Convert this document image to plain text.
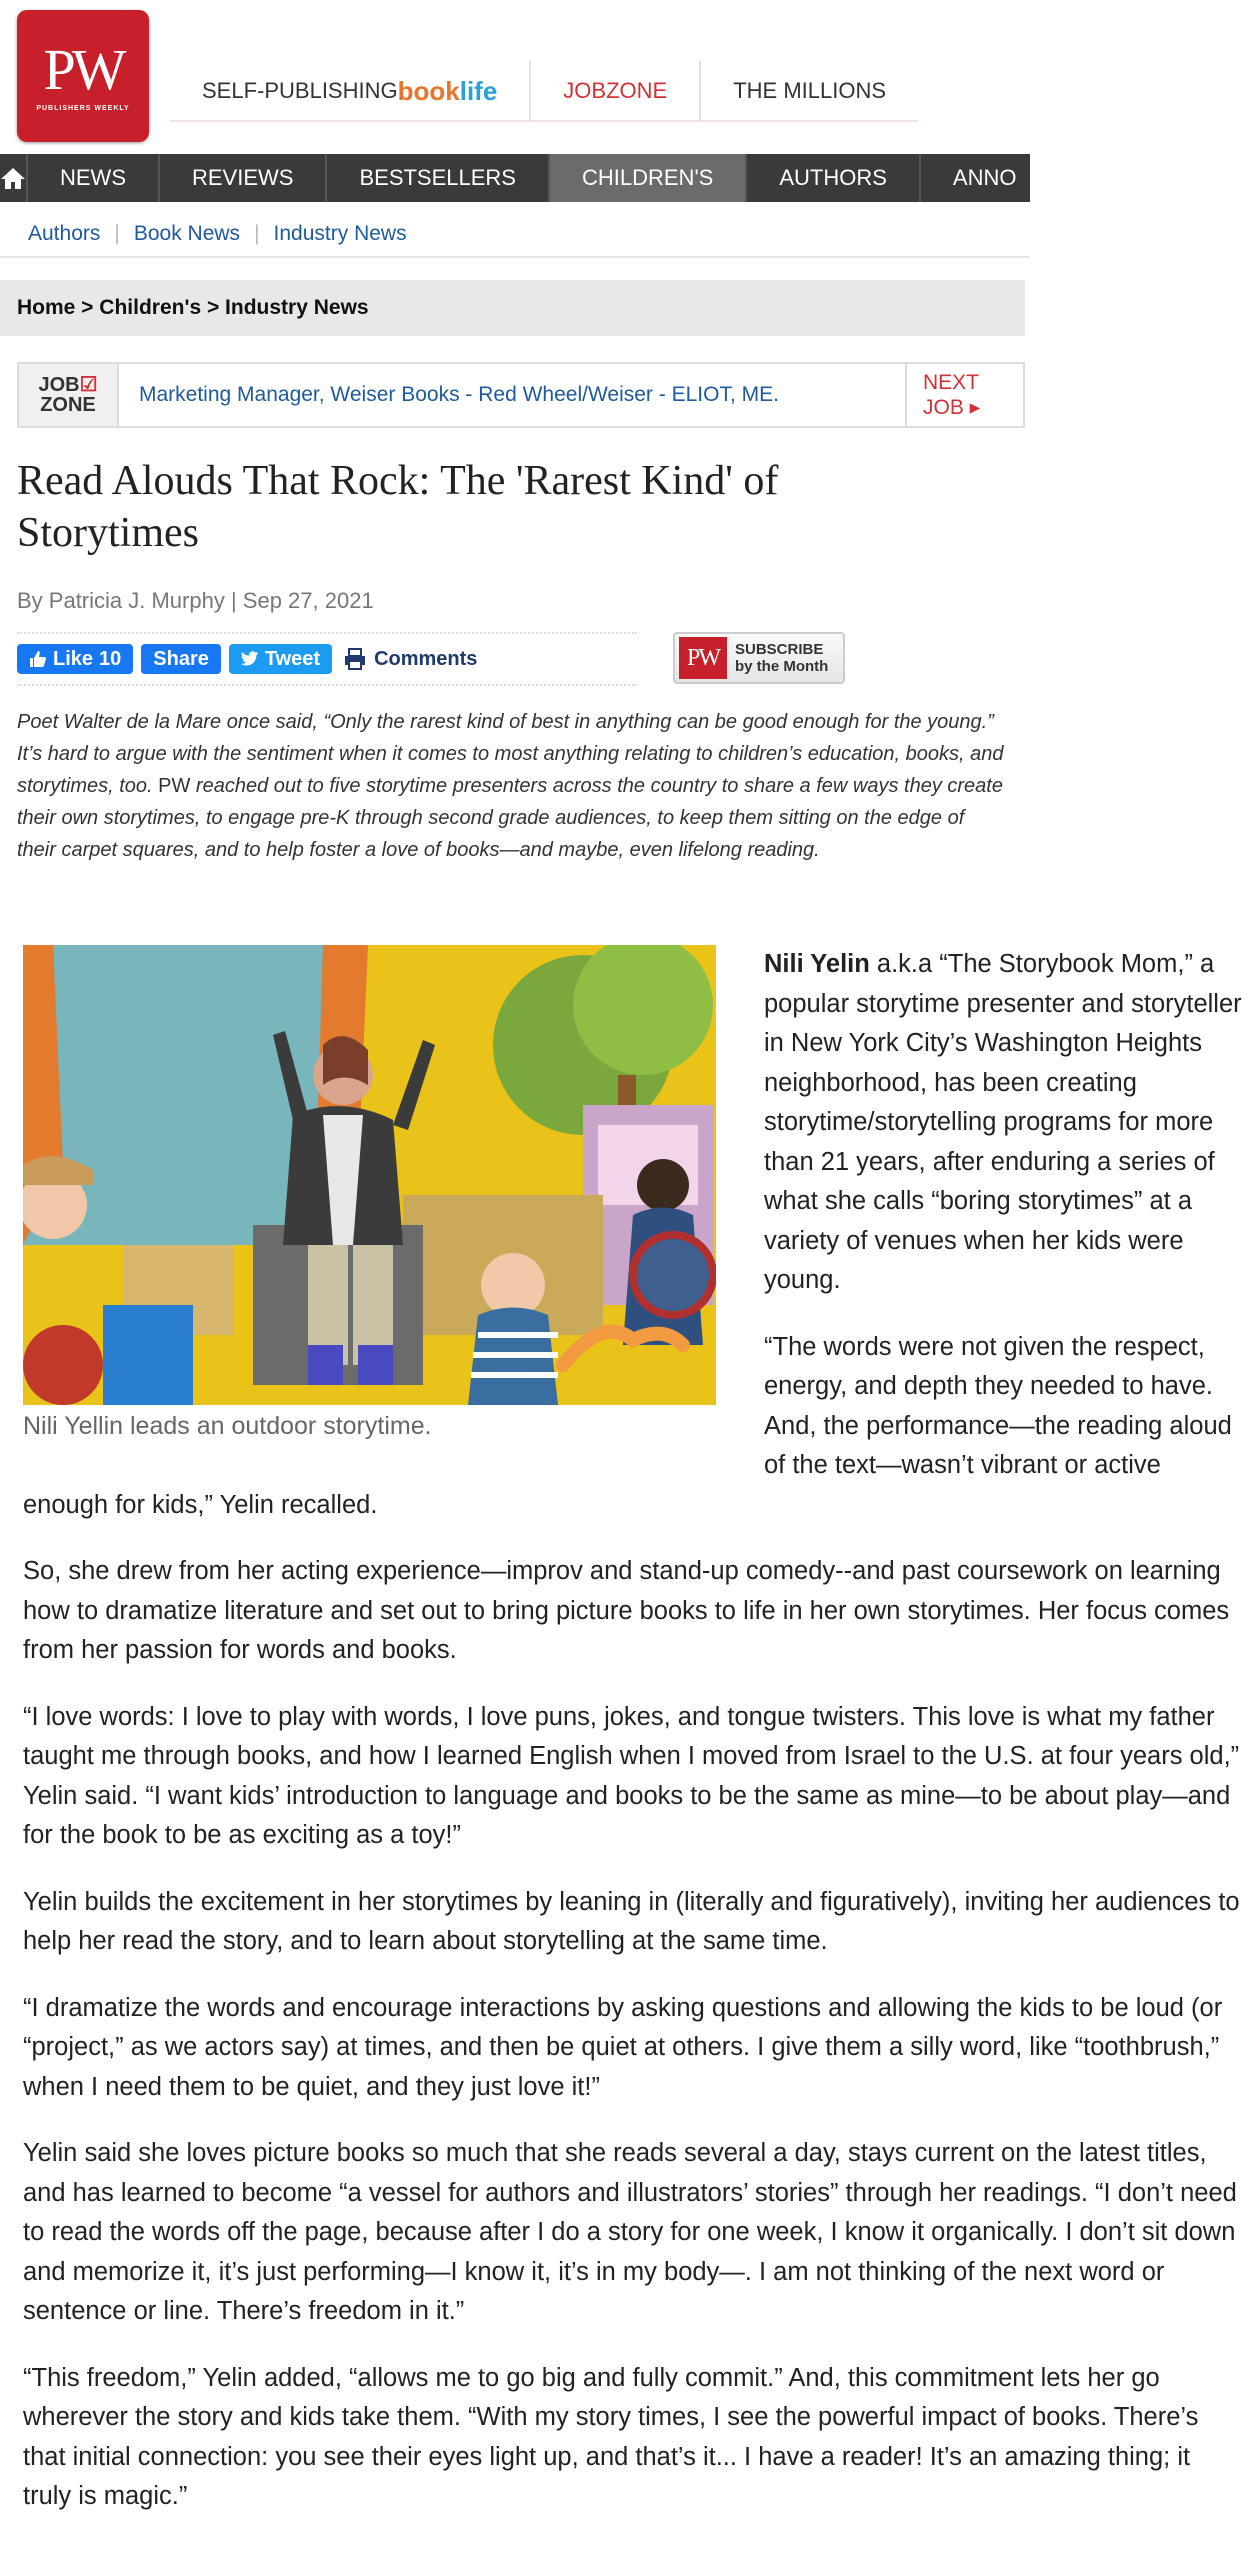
PW
PUBLISHERS WEEKLY
SELF-PUBLISHING booklife	JOBZONE	THE MILLIONS
NEWS	REVIEWS	BESTSELLERS	CHILDREN'S	AUTHORS	ANNO
Authors | Book News | Industry News
Home > Children's > Industry News
JOB☑
ZONE	Marketing Manager, Weiser Books - Red Wheel/Weiser - ELIOT, ME.
NEXT
JOB ▸
Read Alouds That Rock: The 'Rarest Kind' of Storytimes
By Patricia J. Murphy | Sep 27, 2021
Like 10	Share	Tweet	Comments	PW	SUBSCRIBE
by the Month
Poet Walter de la Mare once said, “Only the rarest kind of best in anything can be good enough for the young.” It’s hard to argue with the sentiment when it comes to most anything relating to children’s education, books, and storytimes, too. PW reached out to five storytime presenters across the country to share a few ways they create their own storytimes, to engage pre-K through second grade audiences, to keep them sitting on the edge of their carpet squares, and to help foster a love of books—and maybe, even lifelong reading.
Nili Yellin leads an outdoor storytime.

Nili Yelin a.k.a “The Storybook Mom,” a popular storytime presenter and storyteller in New York City’s Washington Heights neighborhood, has been creating storytime/storytelling programs for more than 21 years, after enduring a series of what she calls “boring storytimes” at a variety of venues when her kids were young.

“The words were not given the respect, energy, and depth they needed to have. And, the performance—the reading aloud of the text—wasn’t vibrant or active enough for kids,” Yelin recalled.

So, she drew from her acting experience—improv and stand-up comedy--and past coursework on learning how to dramatize literature and set out to bring picture books to life in her own storytimes. Her focus comes from her passion for words and books.

“I love words: I love to play with words, I love puns, jokes, and tongue twisters. This love is what my father taught me through books, and how I learned English when I moved from Israel to the U.S. at four years old,” Yelin said. “I want kids’ introduction to language and books to be the same as mine—to be about play—and for the book to be as exciting as a toy!”

Yelin builds the excitement in her storytimes by leaning in (literally and figuratively), inviting her audiences to help her read the story, and to learn about storytelling at the same time.

“I dramatize the words and encourage interactions by asking questions and allowing the kids to be loud (or “project,” as we actors say) at times, and then be quiet at others. I give them a silly word, like “toothbrush,” when I need them to be quiet, and they just love it!”

Yelin said she loves picture books so much that she reads several a day, stays current on the latest titles, and has learned to become “a vessel for authors and illustrators’ stories” through her readings. “I don’t need to read the words off the page, because after I do a story for one week, I know it organically. I don’t sit down and memorize it, it’s just performing—I know it, it’s in my body—. I am not thinking of the next word or sentence or line. There’s freedom in it.”

“This freedom,” Yelin added, “allows me to go big and fully commit.” And, this commitment lets her go wherever the story and kids take them. “With my story times, I see the powerful impact of books. There’s that initial connection: you see their eyes light up, and that’s it... I have a reader! It’s an amazing thing; it truly is magic.”
